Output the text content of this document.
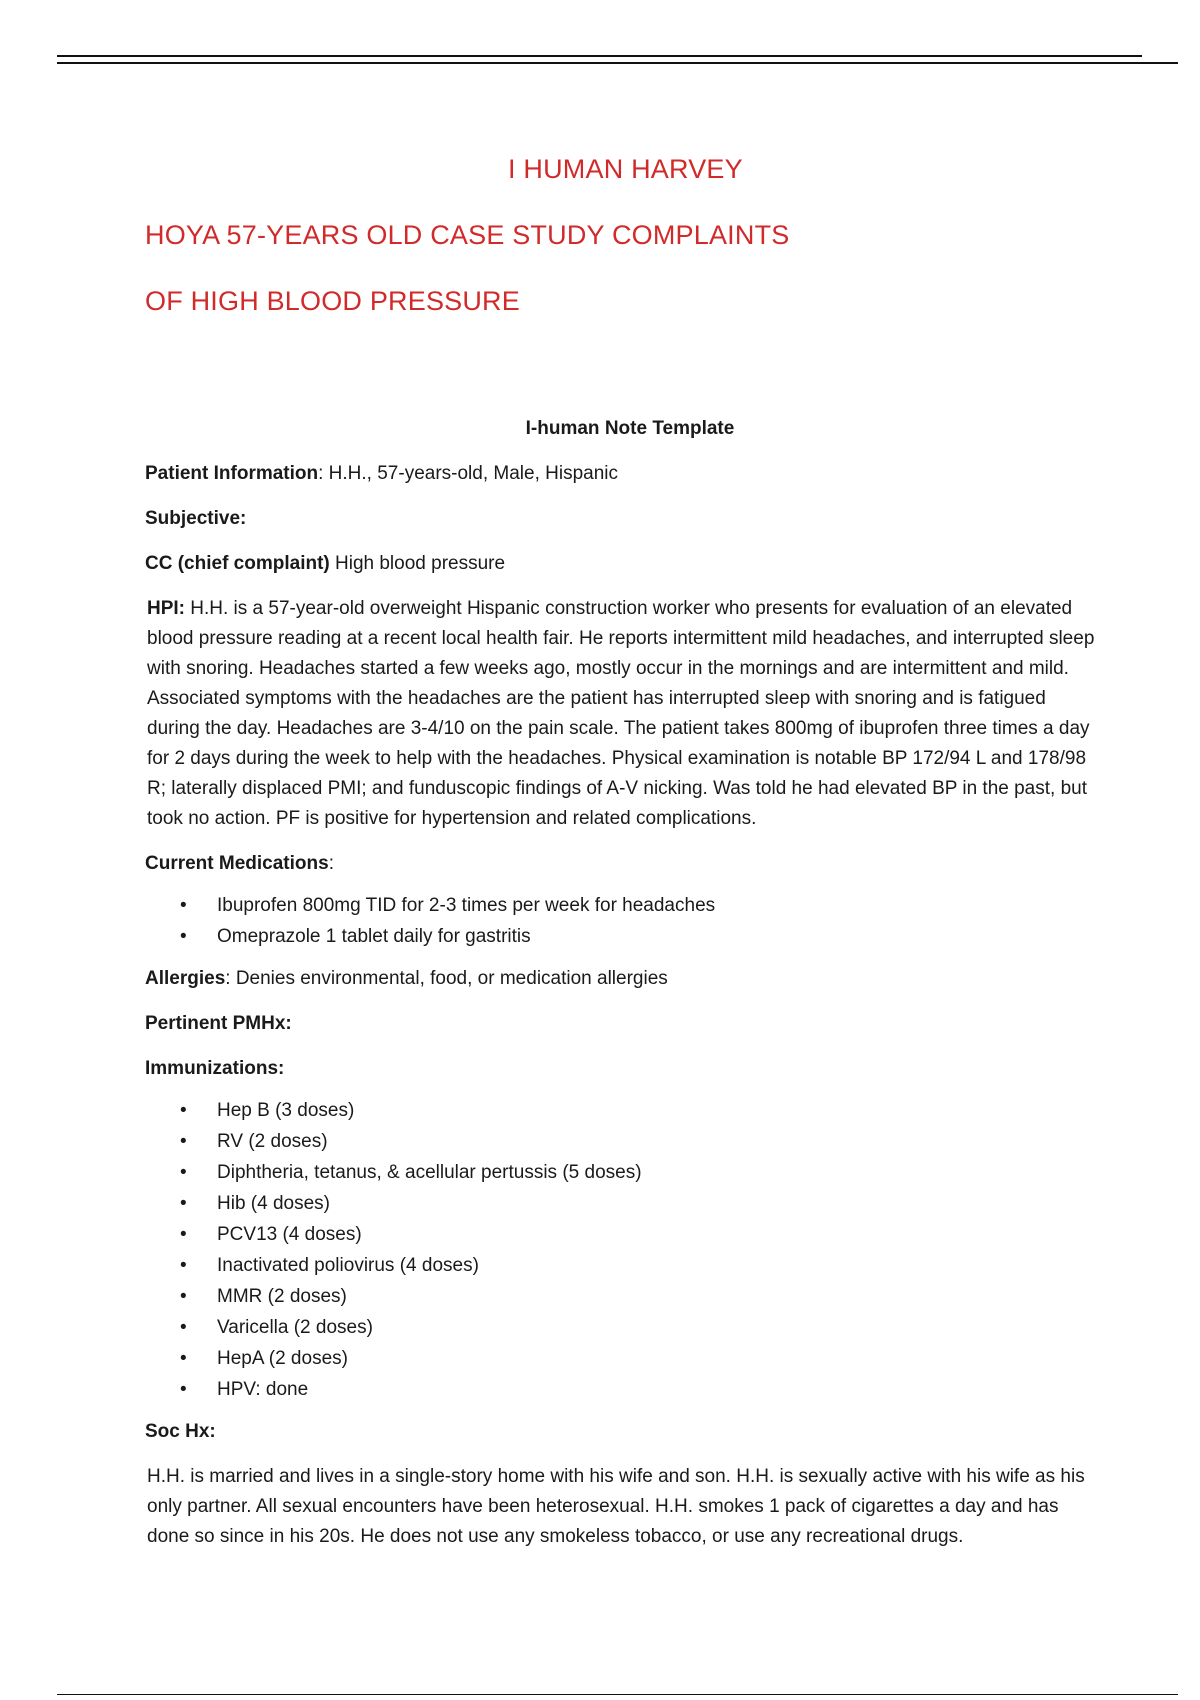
I HUMAN HARVEY
HOYA 57-YEARS OLD CASE STUDY COMPLAINTS
OF HIGH BLOOD PRESSURE
I-human Note Template
Patient Information: H.H., 57-years-old, Male, Hispanic
Subjective:
CC (chief complaint) High blood pressure
HPI: H.H. is a 57-year-old overweight Hispanic construction worker who presents for evaluation of an elevated blood pressure reading at a recent local health fair. He reports intermittent mild headaches, and interrupted sleep with snoring. Headaches started a few weeks ago, mostly occur in the mornings and are intermittent and mild. Associated symptoms with the headaches are the patient has interrupted sleep with snoring and is fatigued during the day. Headaches are 3-4/10 on the pain scale. The patient takes 800mg of ibuprofen three times a day for 2 days during the week to help with the headaches. Physical examination is notable BP 172/94 L and 178/98 R; laterally displaced PMI; and funduscopic findings of A-V nicking. Was told he had elevated BP in the past, but took no action. PF is positive for hypertension and related complications.
Current Medications:
• Ibuprofen 800mg TID for 2-3 times per week for headaches
• Omeprazole 1 tablet daily for gastritis
Allergies: Denies environmental, food, or medication allergies
Pertinent PMHx:
Immunizations:
• Hep B (3 doses)
• RV (2 doses)
• Diphtheria, tetanus, & acellular pertussis (5 doses)
• Hib (4 doses)
• PCV13 (4 doses)
• Inactivated poliovirus (4 doses)
• MMR (2 doses)
• Varicella (2 doses)
• HepA (2 doses)
• HPV: done
Soc Hx:
H.H. is married and lives in a single-story home with his wife and son. H.H. is sexually active with his wife as his only partner. All sexual encounters have been heterosexual. H.H. smokes 1 pack of cigarettes a day and has done so since in his 20s. He does not use any smokeless tobacco, or use any recreational drugs.
